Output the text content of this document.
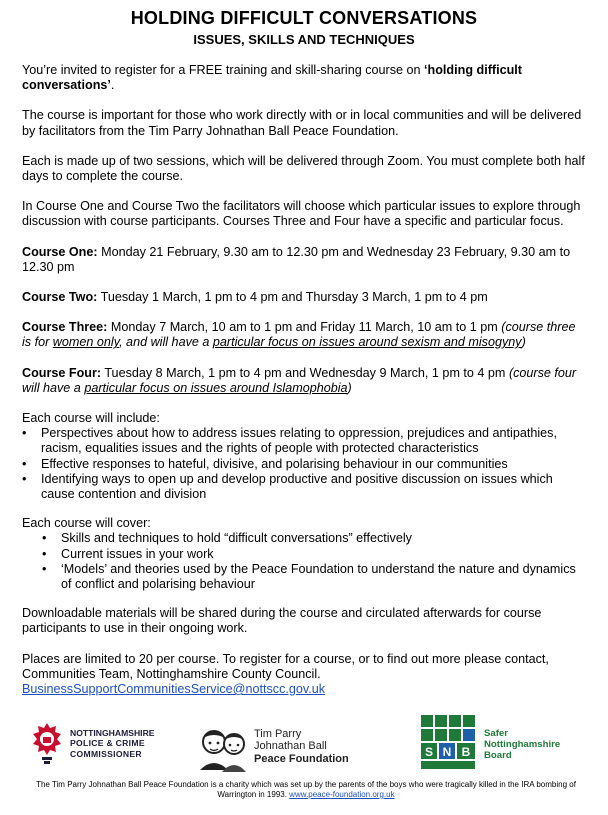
HOLDING DIFFICULT CONVERSATIONS
ISSUES, SKILLS AND TECHNIQUES

You’re invited to register for a FREE training and skill-sharing course on ‘holding difficult conversations’.

The course is important for those who work directly with or in local communities and will be delivered by facilitators from the Tim Parry Johnathan Ball Peace Foundation.

Each is made up of two sessions, which will be delivered through Zoom. You must complete both half days to complete the course.

In Course One and Course Two the facilitators will choose which particular issues to explore through discussion with course participants. Courses Three and Four have a specific and particular focus.

Course One: Monday 21 February, 9.30 am to 12.30 pm and Wednesday 23 February, 9.30 am to 12.30 pm

Course Two: Tuesday 1 March, 1 pm to 4 pm and Thursday 3 March, 1 pm to 4 pm

Course Three: Monday 7 March, 10 am to 1 pm and Friday 11 March, 10 am to 1 pm (course three is for women only, and will have a particular focus on issues around sexism and misogyny)

Course Four: Tuesday 8 March, 1 pm to 4 pm and Wednesday 9 March, 1 pm to 4 pm (course four will have a particular focus on issues around Islamophobia)

Each course will include:

• Perspectives about how to address issues relating to oppression, prejudices and antipathies, racism, equalities issues and the rights of people with protected characteristics
• Effective responses to hateful, divisive, and polarising behaviour in our communities
• Identifying ways to open up and develop productive and positive discussion on issues which cause contention and division

Each course will cover:

• Skills and techniques to hold “difficult conversations” effectively
• Current issues in your work
• ‘Models’ and theories used by the Peace Foundation to understand the nature and dynamics of conflict and polarising behaviour

Downloadable materials will be shared during the course and circulated afterwards for course participants to use in their ongoing work.

Places are limited to 20 per course. To register for a course, or to find out more please contact, Communities Team, Nottinghamshire County Council.
BusinessSupportCommunitiesService@nottscc.gov.uk

NOTTINGHAMSHIRE
POLICE & CRIME
COMMISSIONER
Tim Parry
Johnathan Ball
Peace Foundation	S N B
Safer
Nottinghamshire
Board
The Tim Parry Johnathan Ball Peace Foundation is a charity which was set up by the parents of the boys who were tragically killed in the IRA bombing of Warrington in 1993. www.peace-foundation.org.uk
